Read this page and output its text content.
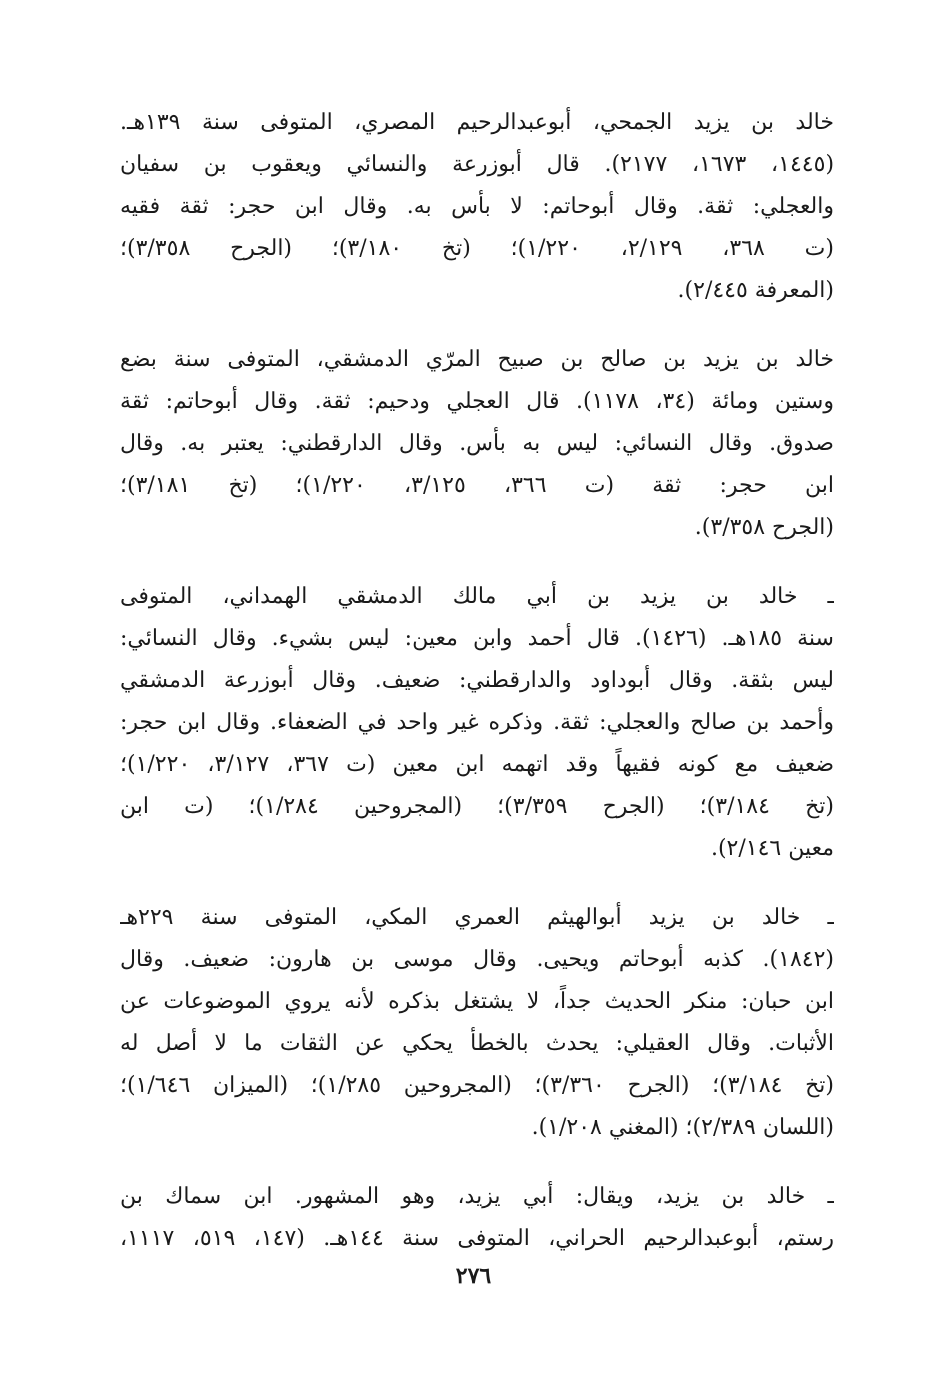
خالد بن يزيد الجمحي، أبوعبدالرحيم المصري، المتوفى سنة ١٣٩هـ.
(١٤٤٥، ١٦٧٣، ٢١٧٧). قال أبوزرعة والنسائي ويعقوب بن سفيان
والعجلي: ثقة. وقال أبوحاتم: لا بأس به. وقال ابن حجر: ثقة فقيه
(ت ٣٦٨، ٢/١٢٩، ١/٢٢٠)؛ (تخ ٣/١٨٠)؛ (الجرح ٣/٣٥٨)؛
(المعرفة ٢/٤٤٥).
خالد بن يزيد بن صالح بن صبيح المرّي الدمشقي، المتوفى سنة بضع
وستين ومائة (٣٤، ١١٧٨). قال العجلي ودحيم: ثقة. وقال أبوحاتم: ثقة
صدوق. وقال النسائي: ليس به بأس. وقال الدارقطني: يعتبر به. وقال
ابن حجر: ثقة (ت ٣٦٦، ٣/١٢٥، ١/٢٢٠)؛ (تخ ٣/١٨١)؛
(الجرح ٣/٣٥٨).
ـ خالد بن يزيد بن أبي مالك الدمشقي الهمداني، المتوفى
سنة ١٨٥هـ. (١٤٢٦). قال أحمد وابن معين: ليس بشيء. وقال النسائي:
ليس بثقة. وقال أبوداود والدارقطني: ضعيف. وقال أبوزرعة الدمشقي
وأحمد بن صالح والعجلي: ثقة. وذكره غير واحد في الضعفاء. وقال ابن حجر:
ضعيف مع كونه فقيهاً وقد اتهمه ابن معين (ت ٣٦٧، ٣/١٢٧، ١/٢٢٠)؛
(تخ ٣/١٨٤)؛ (الجرح ٣/٣٥٩)؛ (المجروحين ١/٢٨٤)؛ (ت ابن
معين ٢/١٤٦).
ـ خالد بن يزيد أبوالهيثم العمري المكي، المتوفى سنة ٢٢٩هـ
(١٨٤٢). كذبه أبوحاتم ويحيى. وقال موسى بن هارون: ضعيف. وقال
ابن حبان: منكر الحديث جداً، لا يشتغل بذكره لأنه يروي الموضوعات عن
الأثبات. وقال العقيلي: يحدث بالخطأ يحكي عن الثقات ما لا أصل له
(تخ ٣/١٨٤)؛ (الجرح ٣/٣٦٠)؛ (المجروحين ١/٢٨٥)؛ (الميزان ١/٦٤٦)؛
(اللسان ٢/٣٨٩)؛ (المغني ١/٢٠٨).
ـ خالد بن يزيد، ويقال: أبي يزيد، وهو المشهور. ابن سماك بن
رستم، أبوعبدالرحيم الحراني، المتوفى سنة ١٤٤هـ. (١٤٧، ٥١٩، ١١١٧،
٢٧٦
